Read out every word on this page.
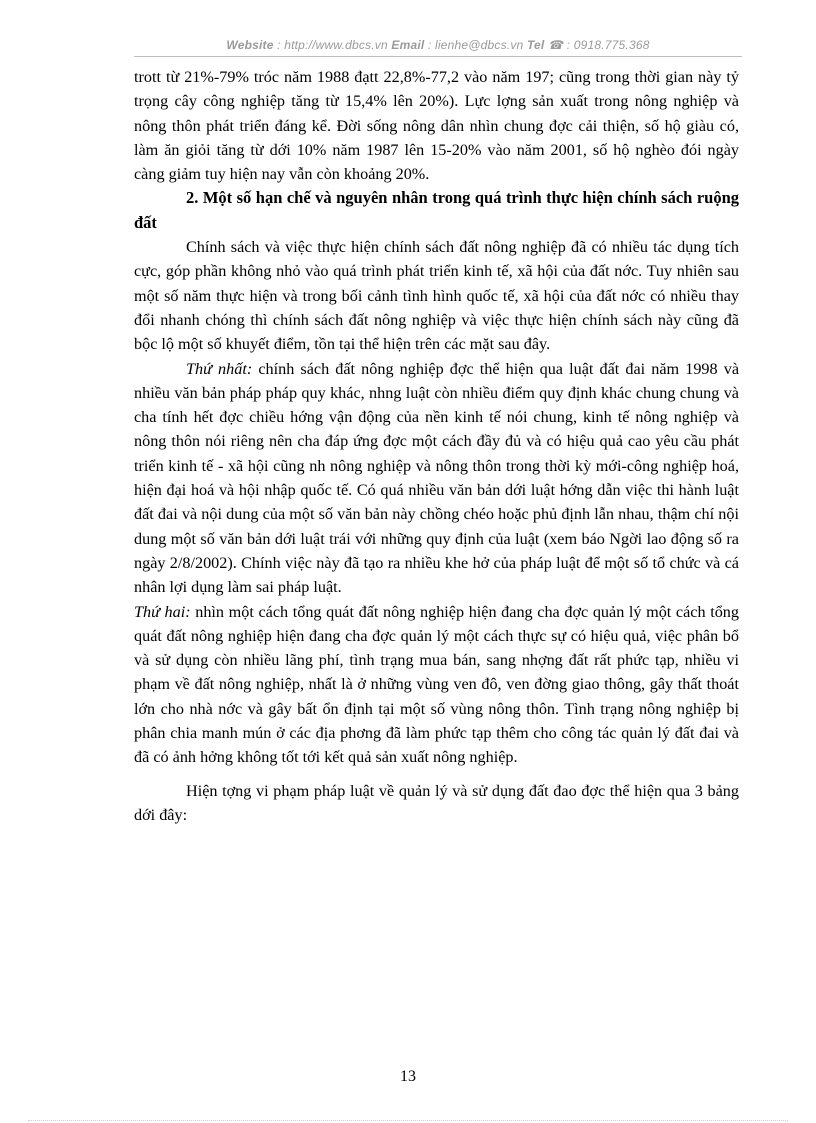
Website : http://www.dbcs.vn Email : lienhe@dbcs.vn Tel ☎ : 0918.775.368

trott từ 21%-79% tróc năm 1988 đạtt 22,8%-77,2 vào năm 197; cũng trong thời gian này tỷ trọng cây công nghiệp tăng từ 15,4% lên 20%). Lực lợng sản xuất trong nông nghiệp và nông thôn phát triển đáng kể. Đời sống nông dân nhìn chung đợc cải thiện, số hộ giàu có, làm ăn giỏi tăng từ dới 10% năm 1987 lên 15-20% vào năm 2001, số hộ nghèo đói ngày càng giảm tuy hiện nay vẫn còn khoảng 20%.

2. Một số hạn chế và nguyên nhân trong quá trình thực hiện chính sách ruộng đất

Chính sách và việc thực hiện chính sách đất nông nghiệp đã có nhiều tác dụng tích cực, góp phần không nhỏ vào quá trình phát triển kinh tế, xã hội của đất nớc. Tuy nhiên sau một số năm thực hiện và trong bối cảnh tình hình quốc tế, xã hội của đất nớc có nhiều thay đổi nhanh chóng thì chính sách đất nông nghiệp và việc thực hiện chính sách này cũng đã bộc lộ một số khuyết điểm, tồn tại thể hiện trên các mặt sau đây.

Thứ nhất: chính sách đất nông nghiệp đợc thể hiện qua luật đất đai năm 1998 và nhiều văn bản pháp pháp quy khác, nhng luật còn nhiều điểm quy định khác chung chung và cha tính hết đợc chiều hớng vận động của nền kinh tế nói chung, kinh tế nông nghiệp và nông thôn nói riêng nên cha đáp ứng đợc một cách đầy đủ và có hiệu quả cao yêu cầu phát triển kinh tế - xã hội cũng nh nông nghiệp và nông thôn trong thời kỳ mới-công nghiệp hoá, hiện đại hoá và hội nhập quốc tế. Có quá nhiều văn bản dới luật hớng dẫn việc thi hành luật đất đai và nội dung của một số văn bản này chồng chéo hoặc phủ định lẫn nhau, thậm chí nội dung một số văn bản dới luật trái với những quy định của luật (xem báo Ngời lao động số ra ngày 2/8/2002). Chính việc này đã tạo ra nhiều khe hở của pháp luật để một số tổ chức và cá nhân lợi dụng làm sai pháp luật.

Thứ hai: nhìn một cách tổng quát đất nông nghiệp hiện đang cha đợc quản lý một cách tổng quát đất nông nghiệp hiện đang cha đợc quản lý một cách thực sự có hiệu quả, việc phân bổ và sử dụng còn nhiều lãng phí, tình trạng mua bán, sang nhợng đất rất phức tạp, nhiều vi phạm về đất nông nghiệp, nhất là ở những vùng ven đô, ven đờng giao thông, gây thất thoát lớn cho nhà nớc và gây bất ổn định tại một số vùng nông thôn. Tình trạng nông nghiệp bị phân chia manh mún ở các địa phơng đã làm phức tạp thêm cho công tác quản lý đất đai và đã có ảnh hởng không tốt tới kết quả sản xuất nông nghiệp.

Hiện tợng vi phạm pháp luật về quản lý và sử dụng đất đao đợc thể hiện qua 3 bảng dới đây:

13
